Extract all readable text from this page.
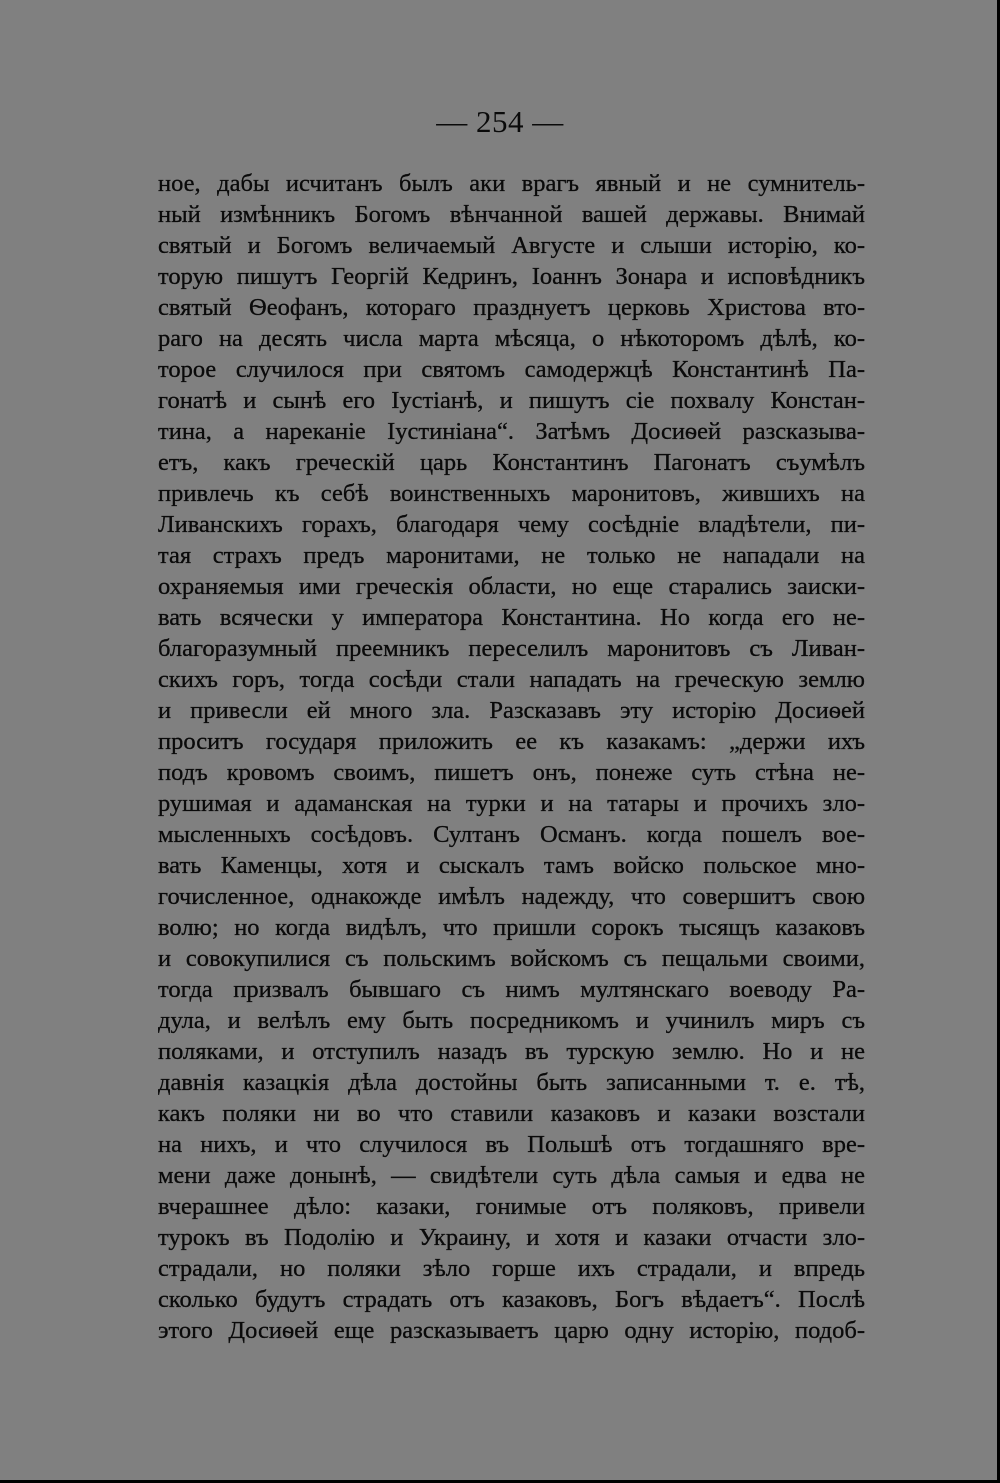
— 254 —
ное, дабы исчитанъ былъ аки врагъ явный и не сумнитель-
ный измѣнникъ Богомъ вѣнчанной вашей державы. Внимай
святый и Богомъ величаемый Августе и слыши исторію, ко-
торую пишутъ Георгій Кедринъ, Іоаннъ Зонара и исповѣдникъ
святый Ѳеофанъ, котораго празднуетъ церковь Христова вто-
раго на десять числа марта мѣсяца, о нѣкоторомъ дѣлѣ, ко-
торое случилося при святомъ самодержцѣ Константинѣ Па-
гонатѣ и сынѣ его Іустіанѣ, и пишутъ сіе похвалу Констан-
тина, а нареканіе Іустиніана“. Затѣмъ Досиѳей разсказыва-
етъ, какъ греческій царь Константинъ Пагонатъ съумѣлъ
привлечь къ себѣ воинственныхъ маронитовъ, жившихъ на
Ливанскихъ горахъ, благодаря чему сосѣдніе владѣтели, пи-
тая страхъ предъ маронитами, не только не нападали на
охраняемыя ими греческія области, но еще старались заиски-
вать всячески у императора Константина. Но когда его не-
благоразумный преемникъ переселилъ маронитовъ съ Ливан-
скихъ горъ, тогда сосѣди стали нападать на греческую землю
и привесли ей много зла. Разсказавъ эту исторію Досиѳей
проситъ государя приложить ее къ казакамъ: „держи ихъ
подъ кровомъ своимъ, пишетъ онъ, понеже суть стѣна не-
рушимая и адаманская на турки и на татары и прочихъ зло-
мысленныхъ сосѣдовъ. Султанъ Османъ. когда пошелъ вое-
вать Каменцы, хотя и сыскалъ тамъ войско польское мно-
гочисленное, однакожде имѣлъ надежду, что совершитъ свою
волю; но когда видѣлъ, что пришли сорокъ тысящъ казаковъ
и совокупилися съ польскимъ войскомъ съ пещальми своими,
тогда призвалъ бывшаго съ нимъ мултянскаго воеводу Ра-
дула, и велѣлъ ему быть посредникомъ и учинилъ миръ съ
поляками, и отступилъ назадъ въ турскую землю. Но и не
давнія казацкія дѣла достойны быть записанными т. е. тѣ,
какъ поляки ни во что ставили казаковъ и казаки возстали
на нихъ, и что случилося въ Польшѣ отъ тогдашняго вре-
мени даже донынѣ, — свидѣтели суть дѣла самыя и едва не
вчерашнее дѣло: казаки, гонимые отъ поляковъ, привели
турокъ въ Подолію и Украину, и хотя и казаки отчасти зло-
страдали, но поляки зѣло горше ихъ страдали, и впредь
сколько будутъ страдать отъ казаковъ, Богъ вѣдаетъ“. Послѣ
этого Досиѳей еще разсказываетъ царю одну исторію, подоб-
